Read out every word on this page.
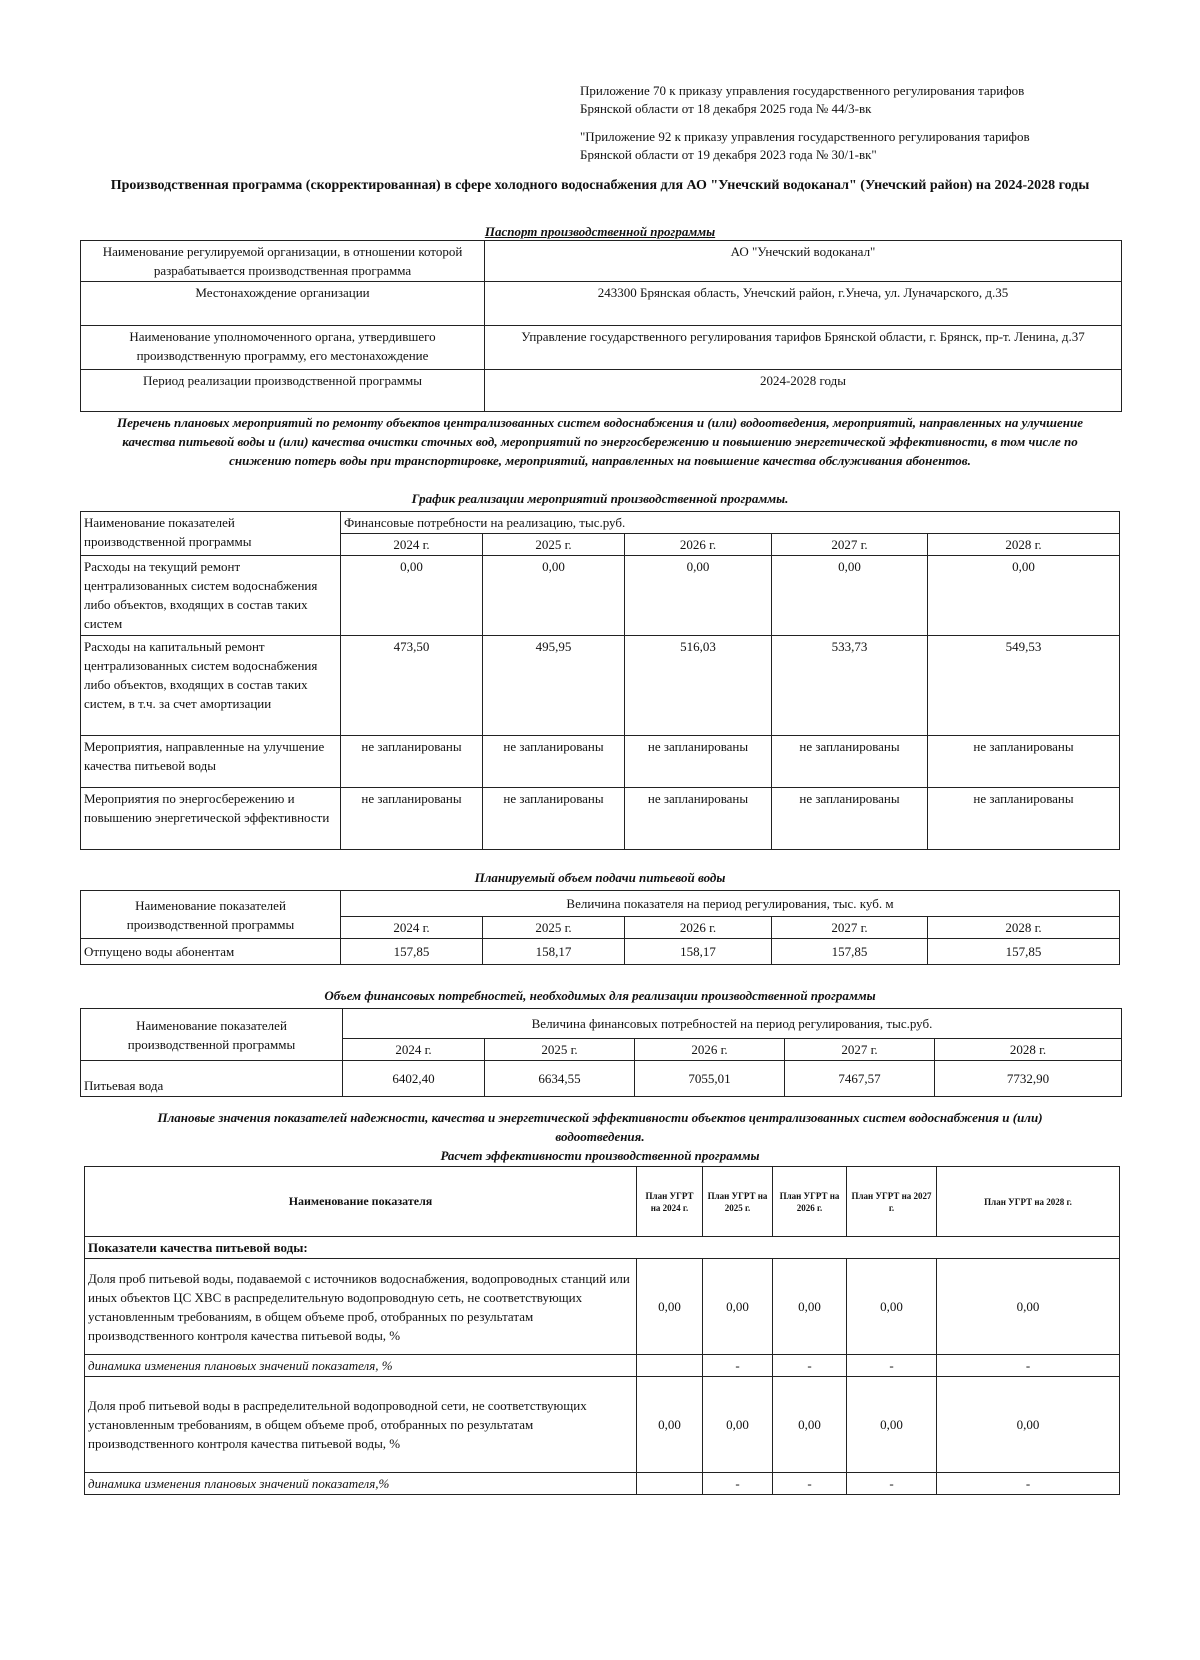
Приложение 70 к приказу управления государственного регулирования тарифов
Брянской области от 18 декабря 2025 года № 44/3-вк
"Приложение 92 к приказу управления государственного регулирования тарифов
Брянской области от 19 декабря 2023 года № 30/1-вк"
Производственная программа (скорректированная) в сфере холодного водоснабжения для АО "Унечский водоканал" (Унечский район) на 2024-2028 годы
Паспорт производственной программы
Наименование регулируемой организации, в отношении которой разрабатывается производственная программа	АО "Унечский водоканал"
Местонахождение организации	243300 Брянская область, Унечский район, г.Унеча, ул. Луначарского, д.35
Наименование уполномоченного органа, утвердившего производственную программу, его местонахождение	Управление государственного регулирования тарифов Брянской области, г. Брянск, пр-т. Ленина, д.37
Период реализации производственной программы	2024-2028 годы
Перечень плановых мероприятий по ремонту объектов централизованных систем водоснабжения и (или) водоотведения, мероприятий, направленных на улучшение качества питьевой воды и (или) качества очистки сточных вод, мероприятий по энергосбережению и повышению энергетической эффективности, в том числе по снижению потерь воды при транспортировке, мероприятий, направленных на повышение качества обслуживания абонентов.
График реализации мероприятий производственной программы.
Наименование показателей производственной программы	Финансовые потребности на реализацию, тыс.руб.				
	2024 г.	2025 г.	2026 г.	2027 г.	2028 г.
Расходы на текущий ремонт централизованных систем водоснабжения либо объектов, входящих в состав таких систем	0,00	0,00	0,00	0,00	0,00
Расходы на капитальный ремонт централизованных систем водоснабжения либо объектов, входящих в состав таких систем, в т.ч. за счет амортизации	473,50	495,95	516,03	533,73	549,53
Мероприятия, направленные на улучшение качества питьевой воды	не запланированы	не запланированы	не запланированы	не запланированы	не запланированы
Мероприятия по энергосбережению и повышению энергетической эффективности	не запланированы	не запланированы	не запланированы	не запланированы	не запланированы
Планируемый объем подачи питьевой воды
Наименование показателей производственной программы	Величина показателя на период регулирования, тыс. куб. м				
	2024 г.	2025 г.	2026 г.	2027 г.	2028 г.
Отпущено воды абонентам	157,85	158,17	158,17	157,85	157,85
Объем финансовых потребностей, необходимых для реализации производственной программы
Наименование показателей производственной программы	Величина финансовых потребностей на период регулирования, тыс.руб.				
	2024 г.	2025 г.	2026 г.	2027 г.	2028 г.
Питьевая вода	6402,40	6634,55	7055,01	7467,57	7732,90
Плановые значения показателей надежности, качества и энергетической эффективности объектов централизованных систем водоснабжения и (или) водоотведения.
Расчет эффективности производственной программы
Наименование показателя	План УГРТ на 2024 г.	План УГРТ на 2025 г.	План УГРТ на 2026 г.	План УГРТ на 2027 г.	План УГРТ на 2028 г.
Показатели качества питьевой воды:					
Доля проб питьевой воды, подаваемой с источников водоснабжения, водопроводных станций или иных объектов ЦС ХВС в распределительную водопроводную сеть, не соответствующих установленным требованиям, в общем объеме проб, отобранных по результатам производственного контроля качества питьевой воды, %	0,00	0,00	0,00	0,00	0,00
динамика изменения плановых значений показателя, %		-	-	-	-
Доля проб питьевой воды в распределительной водопроводной сети, не соответствующих установленным требованиям, в общем объеме проб, отобранных по результатам производственного контроля качества питьевой воды, %	0,00	0,00	0,00	0,00	0,00
динамика изменения плановых значений показателя,%		-	-	-	-
